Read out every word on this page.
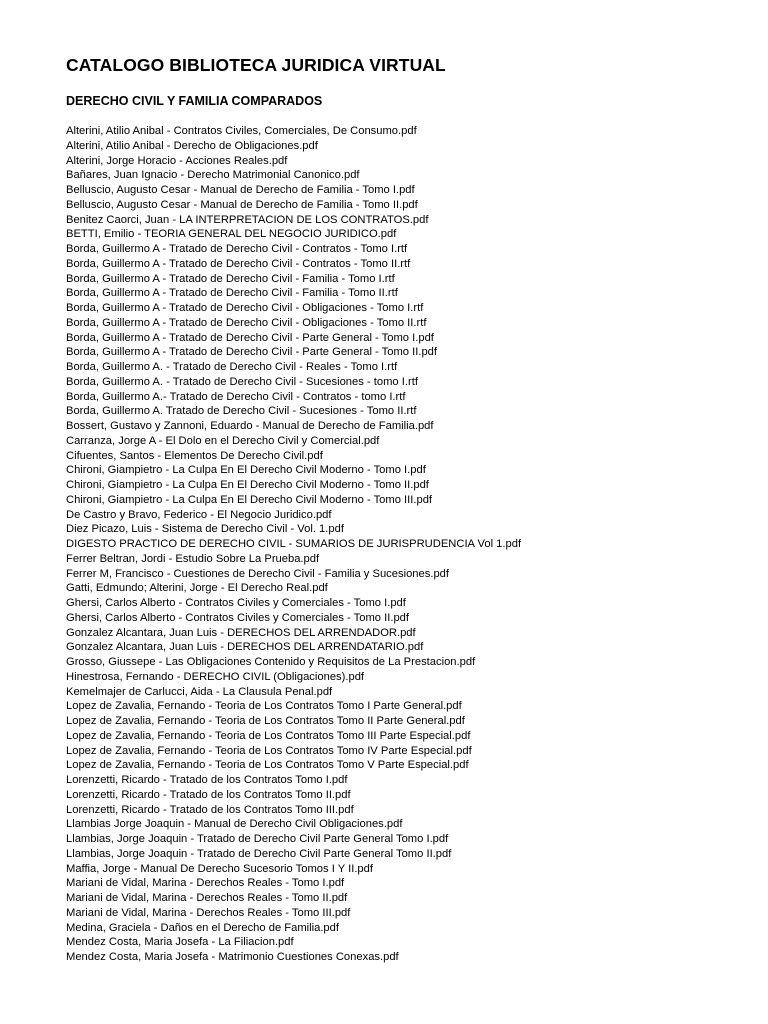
CATALOGO BIBLIOTECA JURIDICA VIRTUAL
DERECHO CIVIL Y FAMILIA COMPARADOS
Alterini, Atilio Anibal - Contratos Civiles, Comerciales, De Consumo.pdf
Alterini, Atilio Anibal - Derecho de Obligaciones.pdf
Alterini, Jorge Horacio - Acciones Reales.pdf
Bañares, Juan Ignacio - Derecho Matrimonial Canonico.pdf
Belluscio, Augusto Cesar - Manual de Derecho de Familia - Tomo I.pdf
Belluscio, Augusto Cesar - Manual de Derecho de Familia - Tomo II.pdf
Benitez Caorci, Juan - LA INTERPRETACION DE LOS CONTRATOS.pdf
BETTI, Emilio - TEORIA GENERAL DEL NEGOCIO JURIDICO.pdf
Borda, Guillermo A - Tratado de Derecho Civil - Contratos - Tomo I.rtf
Borda, Guillermo A - Tratado de Derecho Civil - Contratos - Tomo II.rtf
Borda, Guillermo A - Tratado de Derecho Civil - Familia - Tomo I.rtf
Borda, Guillermo A - Tratado de Derecho Civil - Familia - Tomo II.rtf
Borda, Guillermo A - Tratado de Derecho Civil - Obligaciones - Tomo I.rtf
Borda, Guillermo A - Tratado de Derecho Civil - Obligaciones - Tomo II.rtf
Borda, Guillermo A - Tratado de Derecho Civil - Parte General - Tomo I.pdf
Borda, Guillermo A - Tratado de Derecho Civil - Parte General - Tomo II.pdf
Borda, Guillermo A. - Tratado de Derecho Civil - Reales - Tomo I.rtf
Borda, Guillermo A. - Tratado de Derecho Civil - Sucesiones - tomo I.rtf
Borda, Guillermo A.- Tratado de Derecho Civil - Contratos - tomo I.rtf
Borda, Guillermo A. Tratado de Derecho Civil - Sucesiones - Tomo II.rtf
Bossert, Gustavo y Zannoni, Eduardo - Manual de Derecho de Familia.pdf
Carranza, Jorge A - El Dolo en el Derecho Civil y Comercial.pdf
Cifuentes, Santos - Elementos De Derecho Civil.pdf
Chironi, Giampietro - La Culpa En El Derecho Civil Moderno - Tomo I.pdf
Chironi, Giampietro - La Culpa En El Derecho Civil Moderno - Tomo II.pdf
Chironi, Giampietro - La Culpa En El Derecho Civil Moderno - Tomo III.pdf
De Castro y Bravo, Federico - El Negocio Juridico.pdf
Diez Picazo, Luis - Sistema de Derecho Civil - Vol. 1.pdf
DIGESTO PRACTICO DE DERECHO CIVIL - SUMARIOS DE JURISPRUDENCIA Vol 1.pdf
Ferrer Beltran, Jordi - Estudio Sobre La Prueba.pdf
Ferrer M, Francisco - Cuestiones de Derecho Civil - Familia y Sucesiones.pdf
Gatti, Edmundo; Alterini, Jorge - El Derecho Real.pdf
Ghersi, Carlos Alberto - Contratos Civiles y Comerciales - Tomo I.pdf
Ghersi, Carlos Alberto - Contratos Civiles y Comerciales - Tomo II.pdf
Gonzalez Alcantara, Juan Luis - DERECHOS DEL ARRENDADOR.pdf
Gonzalez Alcantara, Juan Luis - DERECHOS DEL ARRENDATARIO.pdf
Grosso, Giussepe - Las Obligaciones Contenido y Requisitos de La Prestacion.pdf
Hinestrosa, Fernando - DERECHO CIVIL (Obligaciones).pdf
Kemelmajer de Carlucci, Aida - La Clausula Penal.pdf
Lopez de Zavalia, Fernando - Teoria de Los Contratos Tomo I Parte General.pdf
Lopez de Zavalia, Fernando - Teoria de Los Contratos Tomo II Parte General.pdf
Lopez de Zavalia, Fernando - Teoria de Los Contratos Tomo III Parte Especial.pdf
Lopez de Zavalia, Fernando - Teoria de Los Contratos Tomo IV Parte Especial.pdf
Lopez de Zavalia, Fernando - Teoria de Los Contratos Tomo V Parte Especial.pdf
Lorenzetti, Ricardo - Tratado de los Contratos Tomo I.pdf
Lorenzetti, Ricardo - Tratado de los Contratos Tomo II.pdf
Lorenzetti, Ricardo - Tratado de los Contratos Tomo III.pdf
Llambias Jorge Joaquin - Manual de Derecho Civil Obligaciones.pdf
Llambias, Jorge Joaquin - Tratado de Derecho Civil Parte General Tomo I.pdf
Llambias, Jorge Joaquin - Tratado de Derecho Civil Parte General Tomo II.pdf
Maffia, Jorge - Manual De Derecho Sucesorio Tomos I Y II.pdf
Mariani de Vidal, Marina - Derechos Reales - Tomo I.pdf
Mariani de Vidal, Marina - Derechos Reales - Tomo II.pdf
Mariani de Vidal, Marina - Derechos Reales - Tomo III.pdf
Medina, Graciela - Daños en el Derecho de Familia.pdf
Mendez Costa, Maria Josefa - La Filiacion.pdf
Mendez Costa, Maria Josefa - Matrimonio Cuestiones Conexas.pdf
